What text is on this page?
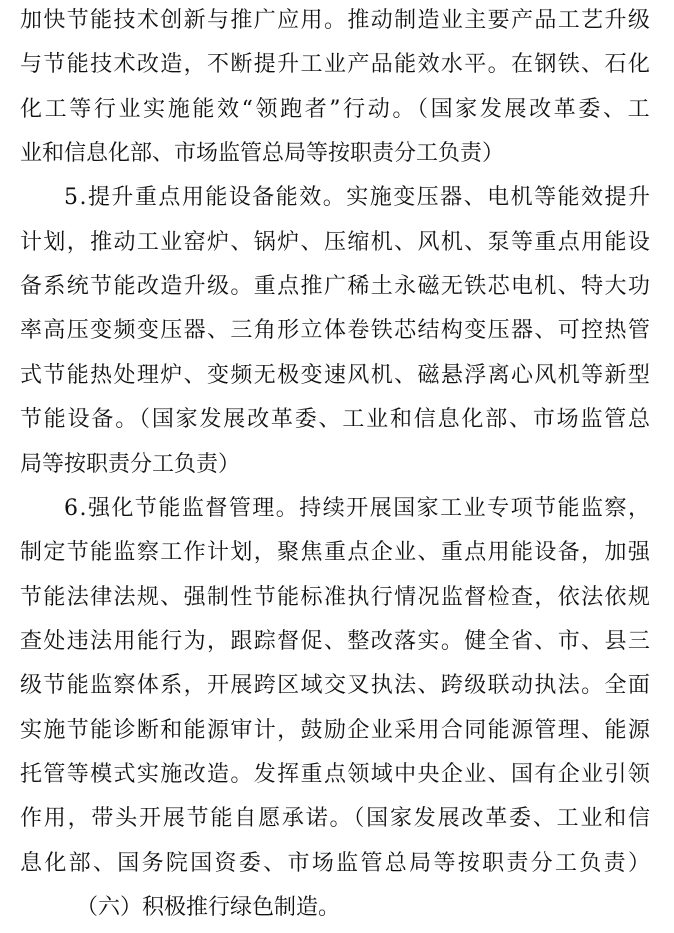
加快节能技术创新与推广应用。推动制造业主要产品工艺升级
与节能技术改造，不断提升工业产品能效水平。在钢铁、石化
化工等行业实施能效“领跑者”行动。（国家发展改革委、工
业和信息化部、市场监管总局等按职责分工负责）
5.提升重点用能设备能效。实施变压器、电机等能效提升
计划，推动工业窑炉、锅炉、压缩机、风机、泵等重点用能设
备系统节能改造升级。重点推广稀土永磁无铁芯电机、特大功
率高压变频变压器、三角形立体卷铁芯结构变压器、可控热管
式节能热处理炉、变频无极变速风机、磁悬浮离心风机等新型
节能设备。（国家发展改革委、工业和信息化部、市场监管总
局等按职责分工负责）
6.强化节能监督管理。持续开展国家工业专项节能监察，
制定节能监察工作计划，聚焦重点企业、重点用能设备，加强
节能法律法规、强制性节能标准执行情况监督检查，依法依规
查处违法用能行为，跟踪督促、整改落实。健全省、市、县三
级节能监察体系，开展跨区域交叉执法、跨级联动执法。全面
实施节能诊断和能源审计，鼓励企业采用合同能源管理、能源
托管等模式实施改造。发挥重点领域中央企业、国有企业引领
作用，带头开展节能自愿承诺。（国家发展改革委、工业和信
息化部、国务院国资委、市场监管总局等按职责分工负责）
（六）积极推行绿色制造。
